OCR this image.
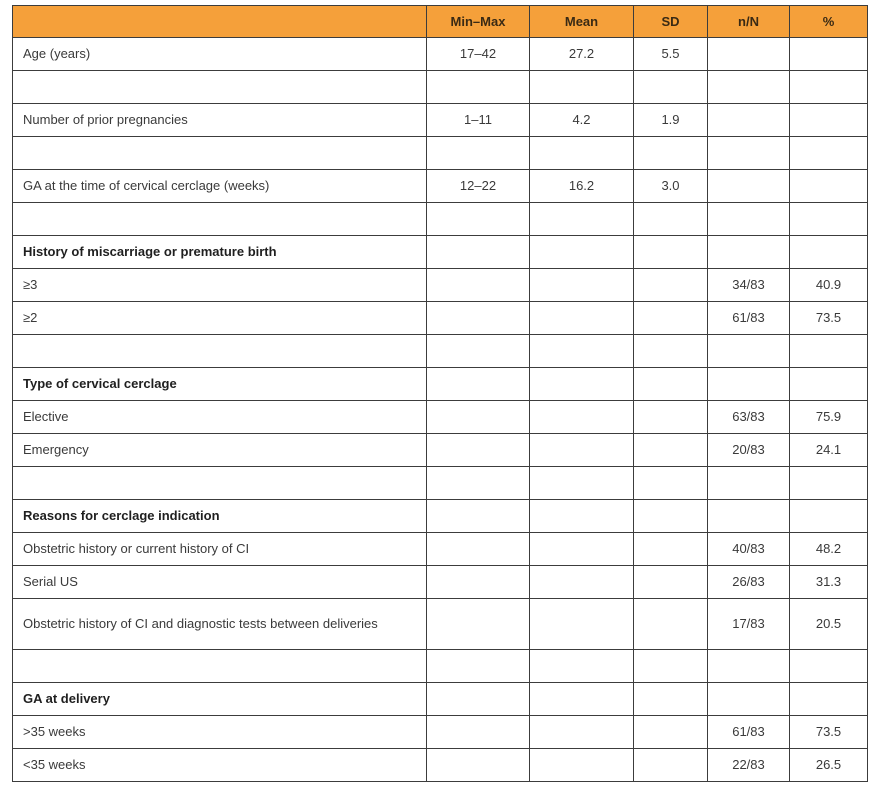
	Min–Max	Mean	SD	n/N	%
Age (years)	17–42	27.2	5.5		

Number of prior pregnancies	1–11	4.2	1.9		

GA at the time of cervical cerclage (weeks)	12–22	16.2	3.0		

History of miscarriage or premature birth					
≥3				34/83	40.9
≥2				61/83	73.5

Type of cervical cerclage					
Elective				63/83	75.9
Emergency				20/83	24.1

Reasons for cerclage indication					
Obstetric history or current history of CI				40/83	48.2
Serial US				26/83	31.3
Obstetric history of CI and diagnostic tests between deliveries				17/83	20.5

GA at delivery					
>35 weeks				61/83	73.5
<35 weeks				22/83	26.5
